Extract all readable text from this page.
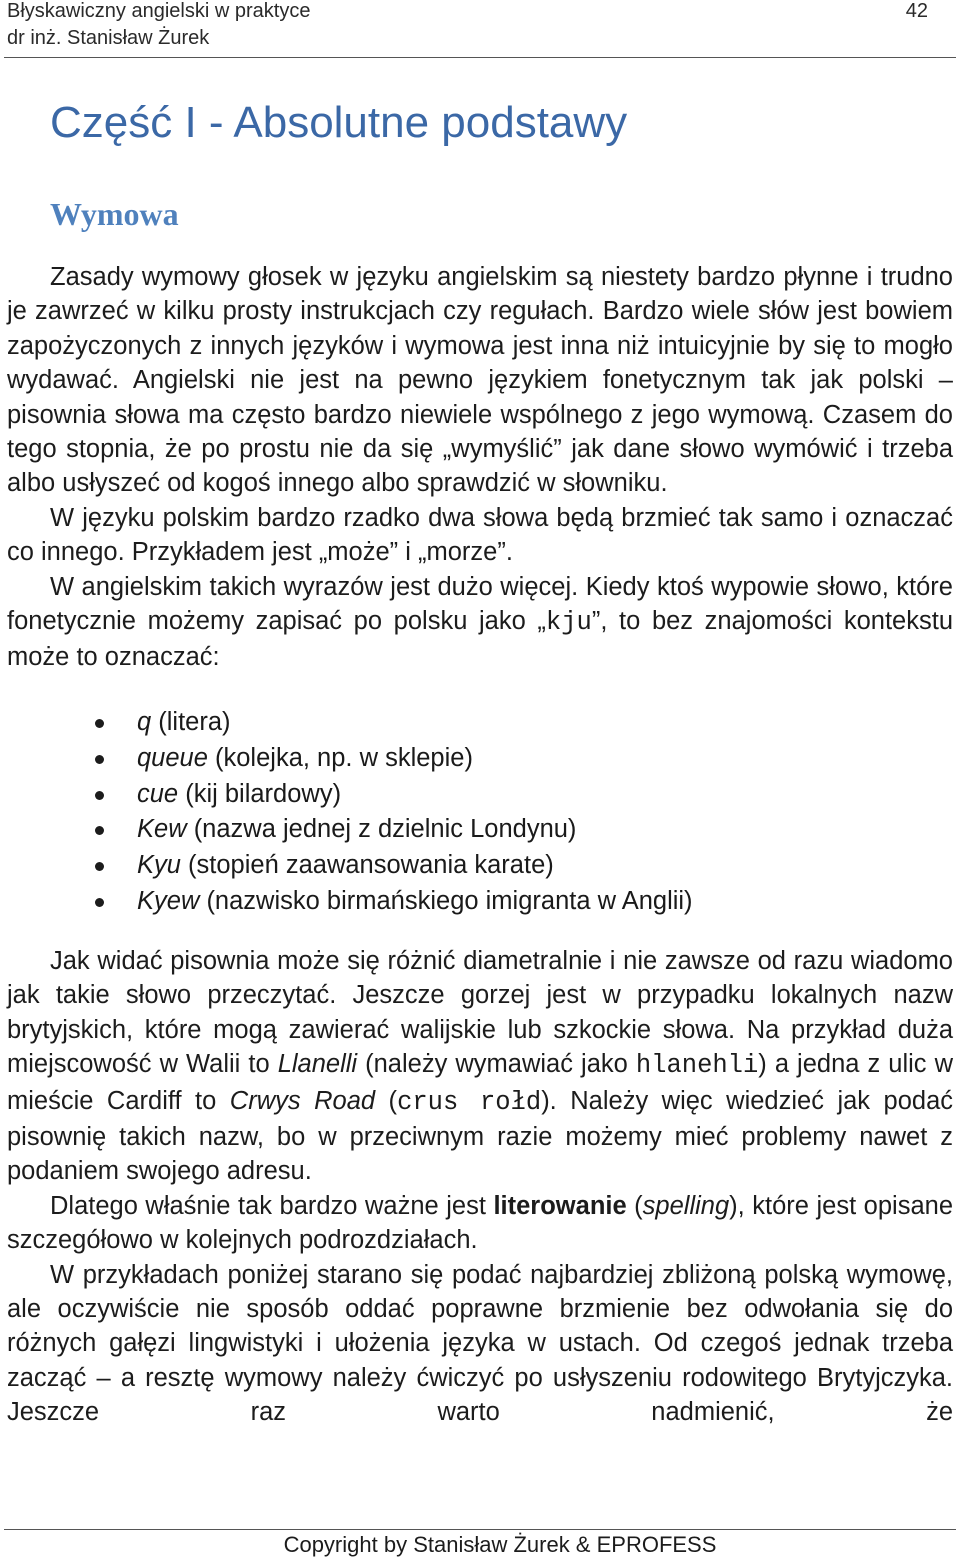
Błyskawiczny angielski w praktyce
dr inż. Stanisław Żurek
42
Część I - Absolutne podstawy
Wymowa

Zasady wymowy głosek w języku angielskim są niestety bardzo płynne i trudno je zawrzeć w kilku prosty instrukcjach czy regułach. Bardzo wiele słów jest bowiem zapożyczonych z innych języków i wymowa jest inna niż intuicyjnie by się to mogło wydawać. Angielski nie jest na pewno językiem fonetycznym tak jak polski – pisownia słowa ma często bardzo niewiele wspólnego z jego wymową. Czasem do tego stopnia, że po prostu nie da się „wymyślić” jak dane słowo wymówić i trzeba albo usłyszeć od kogoś innego albo sprawdzić w słowniku.

W języku polskim bardzo rzadko dwa słowa będą brzmieć tak samo i oznaczać co innego. Przykładem jest „może” i „morze”.

W angielskim takich wyrazów jest dużo więcej. Kiedy ktoś wypowie słowo, które fonetycznie możemy zapisać po polsku jako „kju”, to bez znajomości kontekstu może to oznaczać:

q (litera)
queue (kolejka, np. w sklepie)
cue (kij bilardowy)
Kew (nazwa jednej z dzielnic Londynu)
Kyu (stopień zaawansowania karate)
Kyew (nazwisko birmańskiego imigranta w Anglii)

Jak widać pisownia może się różnić diametralnie i nie zawsze od razu wiadomo jak takie słowo przeczytać. Jeszcze gorzej jest w przypadku lokalnych nazw brytyjskich, które mogą zawierać walijskie lub szkockie słowa. Na przykład duża miejscowość w Walii to Llanelli (należy wymawiać jako hlanehli) a jedna z ulic w mieście Cardiff to Crwys Road (crus rołd). Należy więc wiedzieć jak podać pisownię takich nazw, bo w przeciwnym razie możemy mieć problemy nawet z podaniem swojego adresu.

Dlatego właśnie tak bardzo ważne jest literowanie (spelling), które jest opisane szczegółowo w kolejnych podrozdziałach.

W przykładach poniżej starano się podać najbardziej zbliżoną polską wymowę, ale oczywiście nie sposób oddać poprawne brzmienie bez odwołania się do różnych gałęzi lingwistyki i ułożenia języka w ustach. Od czegoś jednak trzeba zacząć – a resztę wymowy należy ćwiczyć po usłyszeniu rodowitego Brytyjczyka. Jeszcze raz warto nadmienić, że

Copyright by Stanisław Żurek & EPROFESS
